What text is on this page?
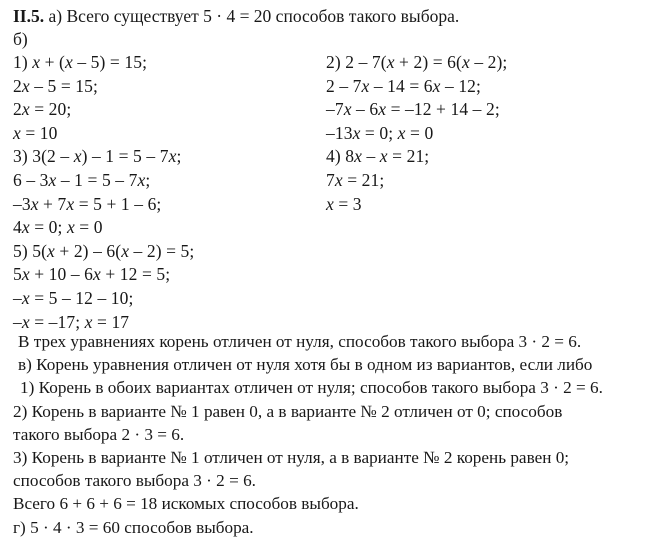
II.5. а) Всего существует 5 · 4 = 20 способов такого выбора.
б)
1) x + (x – 5) = 15;
2x – 5 = 15;
2x = 20;
x = 10
3) 3(2 – x) – 1 = 5 – 7x;
6 – 3x – 1 = 5 – 7x;
–3x + 7x = 5 + 1 – 6;
4x = 0; x = 0
5) 5(x + 2) – 6(x – 2) = 5;
5x + 10 – 6x + 12 = 5;
–x = 5 – 12 – 10;
–x = –17; x = 17
2) 2 – 7(x + 2) = 6(x – 2);
2 – 7x – 14 = 6x – 12;
–7x – 6x = –12 + 14 – 2;
–13x = 0; x = 0
4) 8x – x = 21;
7x = 21;
x = 3
В трех уравнениях корень отличен от нуля, способов такого выбора 3 · 2 = 6.
в) Корень уравнения отличен от нуля хотя бы в одном из вариантов, если либо
1) Корень в обоих вариантах отличен от нуля; способов такого выбора 3 · 2 = 6.
2) Корень в варианте № 1 равен 0, а в варианте № 2 отличен от 0; способов
такого выбора 2 · 3 = 6.
3) Корень в варианте № 1 отличен от нуля, а в варианте № 2 корень равен 0;
способов такого выбора 3 · 2 = 6.
Всего 6 + 6 + 6 = 18 искомых способов выбора.
г) 5 · 4 · 3 = 60 способов выбора.
